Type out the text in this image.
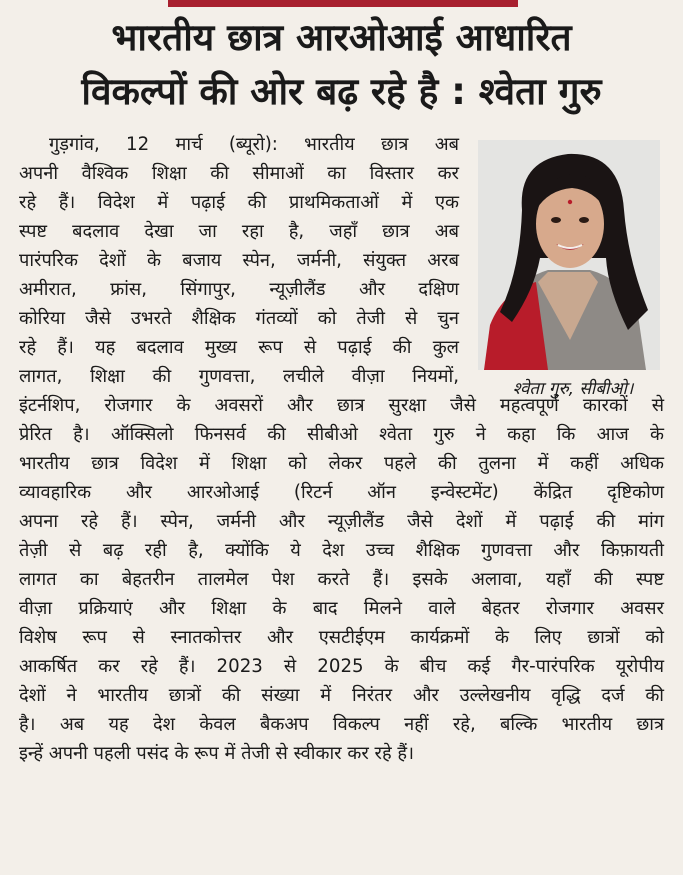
भारतीय छात्र आरओआई आधारित
विकल्पों की ओर बढ़ रहे है : श्वेता गुरु
श्वेता गुरु, सीबीओ।
गुड़गांव, 12 मार्च (ब्यूरो): भारतीय छात्र अब
अपनी वैश्विक शिक्षा की सीमाओं का विस्तार कर
रहे हैं। विदेश में पढ़ाई की प्राथमिकताओं में एक
स्पष्ट बदलाव देखा जा रहा है, जहाँ छात्र अब
पारंपरिक देशों के बजाय स्पेन, जर्मनी, संयुक्त अरब
अमीरात, फ्रांस, सिंगापुर, न्यूज़ीलैंड और दक्षिण
कोरिया जैसे उभरते शैक्षिक गंतव्यों को तेजी से चुन
रहे हैं। यह बदलाव मुख्य रूप से पढ़ाई की कुल
लागत, शिक्षा की गुणवत्ता, लचीले वीज़ा नियमों,
इंटर्नशिप, रोजगार के अवसरों और छात्र सुरक्षा जैसे महत्वपूर्ण कारकों से
प्रेरित है। ऑक्सिलो फिनसर्व की सीबीओ श्वेता गुरु ने कहा कि आज के
भारतीय छात्र विदेश में शिक्षा को लेकर पहले की तुलना में कहीं अधिक
व्यावहारिक और आरओआई (रिटर्न ऑन इन्वेस्टमेंट) केंद्रित दृष्टिकोण
अपना रहे हैं। स्पेन, जर्मनी और न्यूज़ीलैंड जैसे देशों में पढ़ाई की मांग
तेज़ी से बढ़ रही है, क्योंकि ये देश उच्च शैक्षिक गुणवत्ता और किफ़ायती
लागत का बेहतरीन तालमेल पेश करते हैं। इसके अलावा, यहाँ की स्पष्ट
वीज़ा प्रक्रियाएं और शिक्षा के बाद मिलने वाले बेहतर रोजगार अवसर
विशेष रूप से स्नातकोत्तर और एसटीईएम कार्यक्रमों के लिए छात्रों को
आकर्षित कर रहे हैं। 2023 से 2025 के बीच कई गैर-पारंपरिक यूरोपीय
देशों ने भारतीय छात्रों की संख्या में निरंतर और उल्लेखनीय वृद्धि दर्ज की
है। अब यह देश केवल बैकअप विकल्प नहीं रहे, बल्कि भारतीय छात्र
इन्हें अपनी पहली पसंद के रूप में तेजी से स्वीकार कर रहे हैं।
